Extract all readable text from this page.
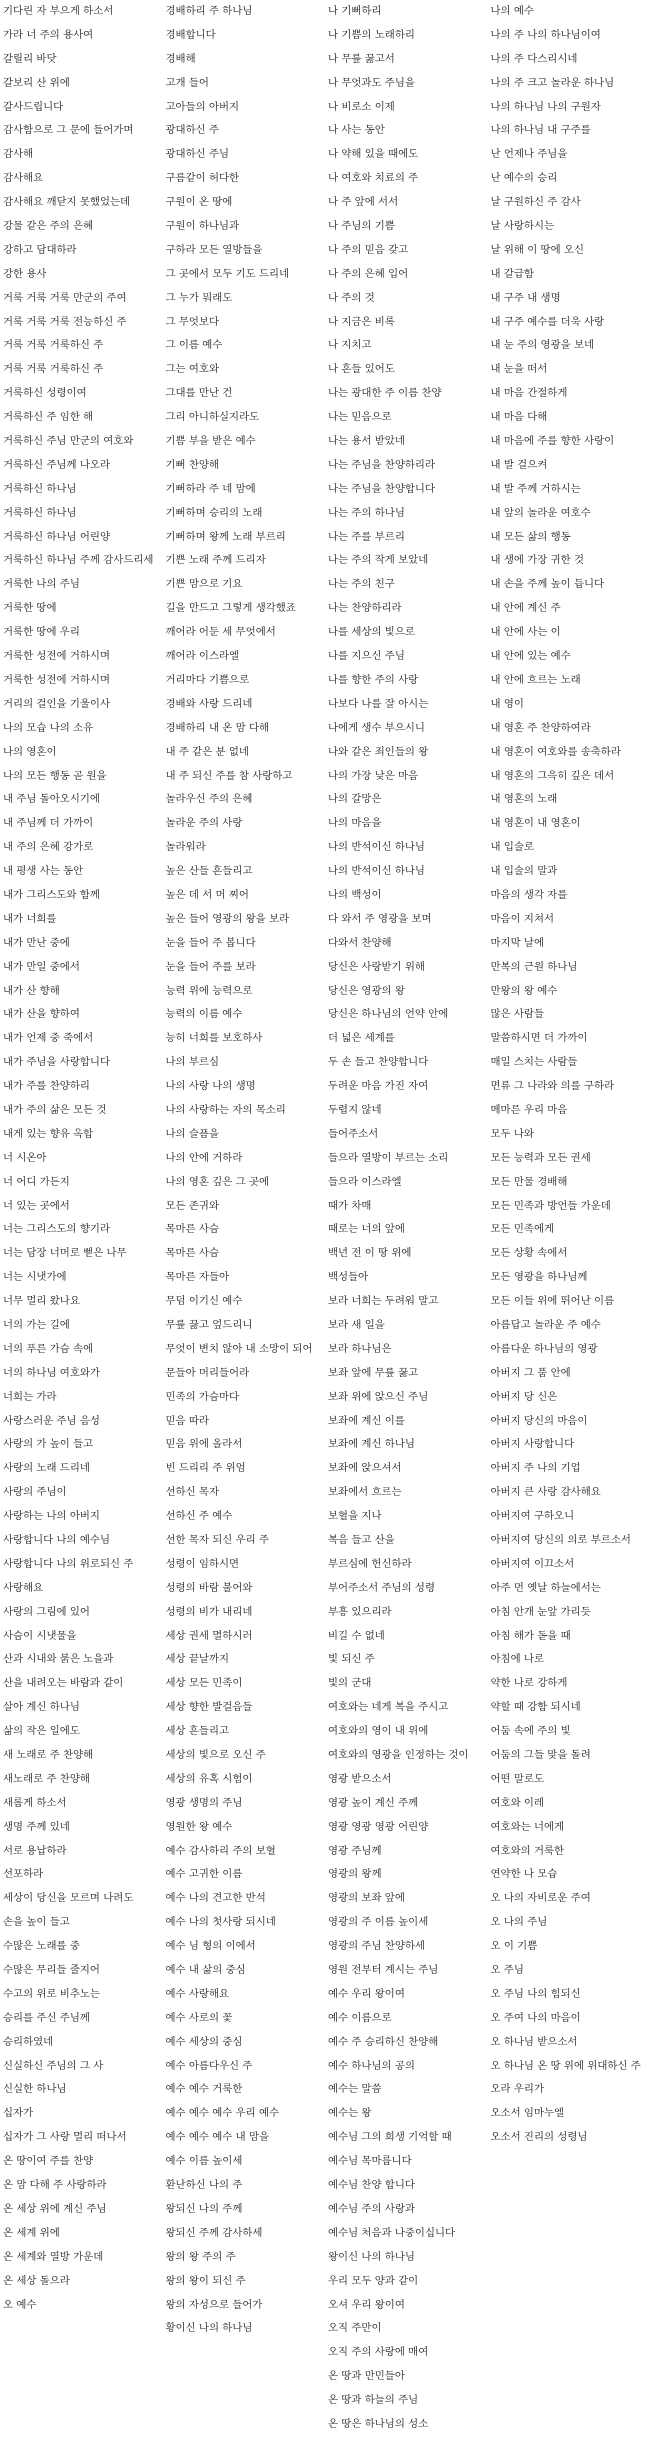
기다린 자 부으게 하소서
가라 너 주의 용사여
갈릴리 바닷
갈보리 산 위에
갈사드립니다
감사함으로 그 문에 들어가며
감사해
감사해요
감사해요 깨닫지 못했었는데
강물 같은 주의 은혜
강하고 담대하라
강한 용사
거룩 거룩 거룩 만군의 주여
거룩 거룩 거룩 전능하신 주
거룩 거룩 거룩하신 주
거룩 거룩 거룩하신 주
거룩하신 성령이여
거룩하신 주 임한 해
거룩하신 주님 만군의 여호와
거룩하신 주님께 나오라
거룩하신 하나님
거룩하신 하나님
거룩하신 하나님 어린양
거룩하신 하나님 주께 감사드리세
거룩한 나의 주님
거룩한 땅에
거룩한 땅에 우리
거룩한 성전에 거하시며
거룩한 성전에 거하시며
거리의 걸인을 기울이사
나의 모습 나의 소유
나의 영혼이
나의 모든 행동 곧 원을
내 주님 돌아오시기에
내 주님께 더 가까이
내 주의 은혜 강가로
내 평생 사는 동안
내가 그리스도와 함께
내가 너희를
내가 만난 중에
내가 만일 중에서
내가 산 향해
내가 산을 향하여
내가 언제 중 죽에서
내가 주님을 사랑합니다
내가 주를 찬양하리
내가 주의 삶은 모든 것
내게 있는 향유 옥합
너 시온아
너 어디 가든지
너 있는 곳에서
너는 그리스도의 향기라
너는 담장 너머로 뻗은 나무
너는 시냇가에
너무 멀리 왔나요
너의 가는 길에
너의 푸른 가슴 속에
너의 하나님 여호와가
너희는 가라
사랑스러운 주님 음성
사랑의 가 높이 들고
사랑의 노래 드리네
사랑의 주님이
사랑하는 나의 아버지
사랑합니다 나의 예수님
사랑합니다 나의 위로되신 주
사랑해요
사랑의 그림에 있어
사슴이 시냇물을
산과 시내와 붉은 노을과
산을 내려오는 바람과 같이
살아 계신 하나님
삶의 작은 일에도
새 노래로 주 찬양해
새노래로 주 찬양해
새롭게 하소서
생명 주께 있네
서로 용납하라
선포하라
세상이 당신을 모르며 나려도
손을 높이 들고
수많은 노래를 중
수많은 무리들 줄지어
수고의 위로 비추노는
승리를 주신 주님께
승리하였네
신실하신 주님의 그 사
신실한 하나님
십자가
십자가 그 사랑 멀리 떠나서
온 땅이여 주를 찬양
온 맘 다해 주 사랑하라
온 세상 위에 계신 주님
온 세계 위에
온 세계와 열방 가운데
온 세상 돌으라
오 예수
경배하리 주 하나님
경배합니다
경배해
고개 들어
고아들의 아버지
광대하신 주
광대하신 주님
구름같이 허다한
구원이 온 땅에
구원이 하나님과
구하라 모든 열방들을
그 곳에서 모두 기도 드리네
그 누가 뭐래도
그 무엇보다
그 이름 예수
그는 여호와
그대를 만난 건
그리 아니하실지라도
기쁨 부을 받은 예수
기뻐 찬양해
기뻐하라 주 네 맘에
기뻐하며 승리의 노래
기뻐하며 왕께 노래 부르리
기쁜 노래 주께 드리자
기쁜 맘으로 기요
길을 만드고 그렇게 생각했죠
깨어라 어둔 세 무엇에서
깨어라 이스라엘
거리마다 기쁨으로
경배와 사랑 드리네
경배하리 내 온 맘 다해
내 주 같은 분 없네
내 주 되신 주를 참 사랑하고
놀라우신 주의 은혜
놀라운 주의 사랑
놀라워라
높은 산들 흔들리고
높은 데 서 머 찌어
높은 들어 영광의 왕을 보라
눈을 들어 주 봅니다
눈을 들어 주를 보라
능력 위에 능력으로
능력의 이름 예수
능히 너희를 보호하사
나의 부르심
나의 사랑 나의 생명
나의 사랑하는 자의 목소리
나의 슬픔을
나의 안에 거하라
나의 영혼 깊은 그 곳에
모든 존귀와
목마른 사슴
목마른 사슴
목마른 자들아
무덤 이기신 예수
무릎 끓고 엎드리니
무엇이 변치 않아 내 소망이 되어
문들아 머리들어라
민족의 가슴마다
믿음 따라
믿음 위에 올라서
빈 드리리 주 위엄
선하신 목자
선하신 주 예수
선한 목자 되신 우리 주
성령이 임하시면
성령의 바람 불어와
성령의 비가 내리네
세상 권세 멸하시러
세상 끝날까지
세상 모든 민족이
세상 향한 발걸음들
세상 흔들리고
세상의 빛으로 오신 주
세상의 유혹 시험이
영광 생명의 주님
영원한 왕 예수
예수 감사하리 주의 보혈
예수 고귀한 이름
예수 나의 견고한 반석
예수 나의 첫사랑 되시네
예수 님 형의 이에서
예수 내 삶의 중심
예수 사랑해요
예수 사로의 꽃
예수 세상의 중심
예수 아름다우신 주
예수 예수 거룩한
예수 예수 예수 우리 예수
예수 예수 예수 내 맘을
예수 이름 높이세
환난하신 나의 주
왕되신 나의 주께
왕되신 주께 감사하세
왕의 왕 주의 주
왕의 왕이 되신 주
왕의 자성으로 들어가
황이신 나의 하나님
나 기뻐하리
나 기쁨의 노래하리
나 무릎 꿇고서
나 무엇과도 주님을
나 비로소 이제
나 사는 동안
나 약해 있을 때에도
나 여호와 치료의 주
나 주 앞에 서서
나 주님의 기쁨
나 주의 믿음 갖고
나 주의 은혜 입어
나 주의 것
나 지금은 비록
나 지치고
나 흔들 있어도
나는 광대한 주 이름 찬양
나는 믿음으로
나는 용서 받았네
나는 주님을 찬양하리라
나는 주님을 찬양합니다
나는 주의 하나님
나는 주를 부르리
나는 주의 작게 보았네
나는 주의 친구
나는 찬양하리라
나를 세상의 빛으로
나를 지으신 주님
나를 향한 주의 사랑
나보다 나를 잘 아시는
나에게 생수 부으시니
나와 같은 죄인들의 왕
나의 가장 낮은 마음
나의 갈망은
나의 마음을
나의 반석이신 하나님
나의 반석이신 하나님
나의 백성이
다 와서 주 영광을 보며
다와서 찬양해
당신은 사랑받기 위해
당신은 영광의 왕
당신은 하나님의 언약 안에
더 넓은 세계를
두 손 들고 찬양합니다
두려운 마음 가진 자여
두렵지 않네
들어주소서
들으라 열방이 부르는 소리
들으라 이스라엘
때가 차매
때로는 너의 앞에
백년 전 이 땅 위에
백성들아
보라 너희는 두려워 말고
보라 새 일을
보라 하나님은
보좌 앞에 무릎 꿇고
보좌 위에 앉으신 주님
보좌에 계신 이를
보좌에 계신 하나님
보좌에 앉으셔서
보좌에서 흐르는
보혈을 지나
복음 들고 산을
부르심에 헌신하라
부어주소서 주님의 성령
부흥 있으리라
비길 수 없네
빛 되신 주
빛의 군대
여호와는 네게 복을 주시고
여호와의 영이 내 위에
여호와의 영광을 인정하는 것이
영광 받으소서
영광 높이 계신 주께
영광 영광 영광 어린양
영광 주님께
영광의 왕께
영광의 보좌 앞에
영광의 주 이름 높이세
영광의 주님 찬양하세
영원 전부터 계시는 주님
예수 우리 왕이여
예수 이름으로
예수 주 승리하신 찬양해
예수 하나님의 공의
예수는 말씀
예수는 왕
예수님 그의 희생 기억할 때
예수님 목마릅니다
예수님 찬양 합니다
예수님 주의 사랑과
예수님 처음과 나중이십니다
왕이신 나의 하나님
우리 모두 양과 같이
오셔 우리 왕이여
오직 주만이
오직 주의 사랑에 매여
온 땅과 만민들아
온 땅과 하늘의 주님
온 땅은 하나님의 성소
나의 예수
나의 주 나의 하나님이여
나의 주 다스리시네
나의 주 크고 놀라운 하나님
나의 하나님 나의 구원자
나의 하나님 내 구주를
난 언제나 주님을
난 예수의 승리
날 구원하신 주 감사
날 사랑하시는
날 위해 이 땅에 오신
내 갈급함
내 구주 내 생명
내 구주 예수를 더욱 사랑
내 눈 주의 영광을 보네
내 눈을 떠서
내 마음 간절하게
내 마음 다해
내 마음에 주를 향한 사랑이
내 발 걸으켜
내 발 주께 거하시는
내 앞의 놀라운 여호수
내 모든 삶의 행동
내 생에 가장 귀한 것
내 손을 주께 높이 듭니다
내 안에 계신 주
내 안에 사는 이
내 안에 있는 예수
내 안에 흐르는 노래
내 영이
내 영혼 주 찬양하여라
내 영혼이 여호와를 송축하라
내 영혼의 그윽히 깊은 데서
내 영혼의 노래
내 영혼이 내 영혼이
내 입술로
내 입술의 말과
마음의 생각 자를
마음이 지쳐서
마지막 날에
만복의 근원 하나님
만왕의 왕 예수
많은 사람들
말씀하시면 더 가까이
매일 스치는 사람들
면류 그 나라와 의를 구하라
메마른 우리 마음
모두 나와
모든 능력과 모든 권세
모든 만물 경배해
모든 민족과 방언들 가운데
모든 민족에게
모든 상황 속에서
모든 영광을 하나님께
모든 이들 위에 뛰어난 이름
아름답고 놀라운 주 예수
아름다운 하나님의 영광
아버지 그 품 안에
아버지 당 신은
아버지 당신의 마음이
아버지 사랑합니다
아버지 주 나의 기업
아버지 큰 사랑 감사해요
아버지여 구하오니
아버지여 당신의 의로 부르소서
아버지여 이끄소서
아주 먼 옛날 하늘에서는
아침 안개 눈앞 가리듯
아침 해가 돋을 때
아침에 나로
약한 나로 강하게
약할 때 강함 되시네
어둠 속에 주의 빛
어둠의 그들 맞을 돌려
어떤 말로도
여호와 이레
여호와는 너에게
여호와의 거룩한
연약한 나 모습
오 나의 자비로운 주여
오 나의 주님
오 이 기쁨
오 주님
오 주님 나의 힘되신
오 주여 나의 마음이
오 하나님 받으소서
오 하나님 온 땅 위에 위대하신 주
오라 우리가
오소서 임마누엘
오소서 진리의 성령님
